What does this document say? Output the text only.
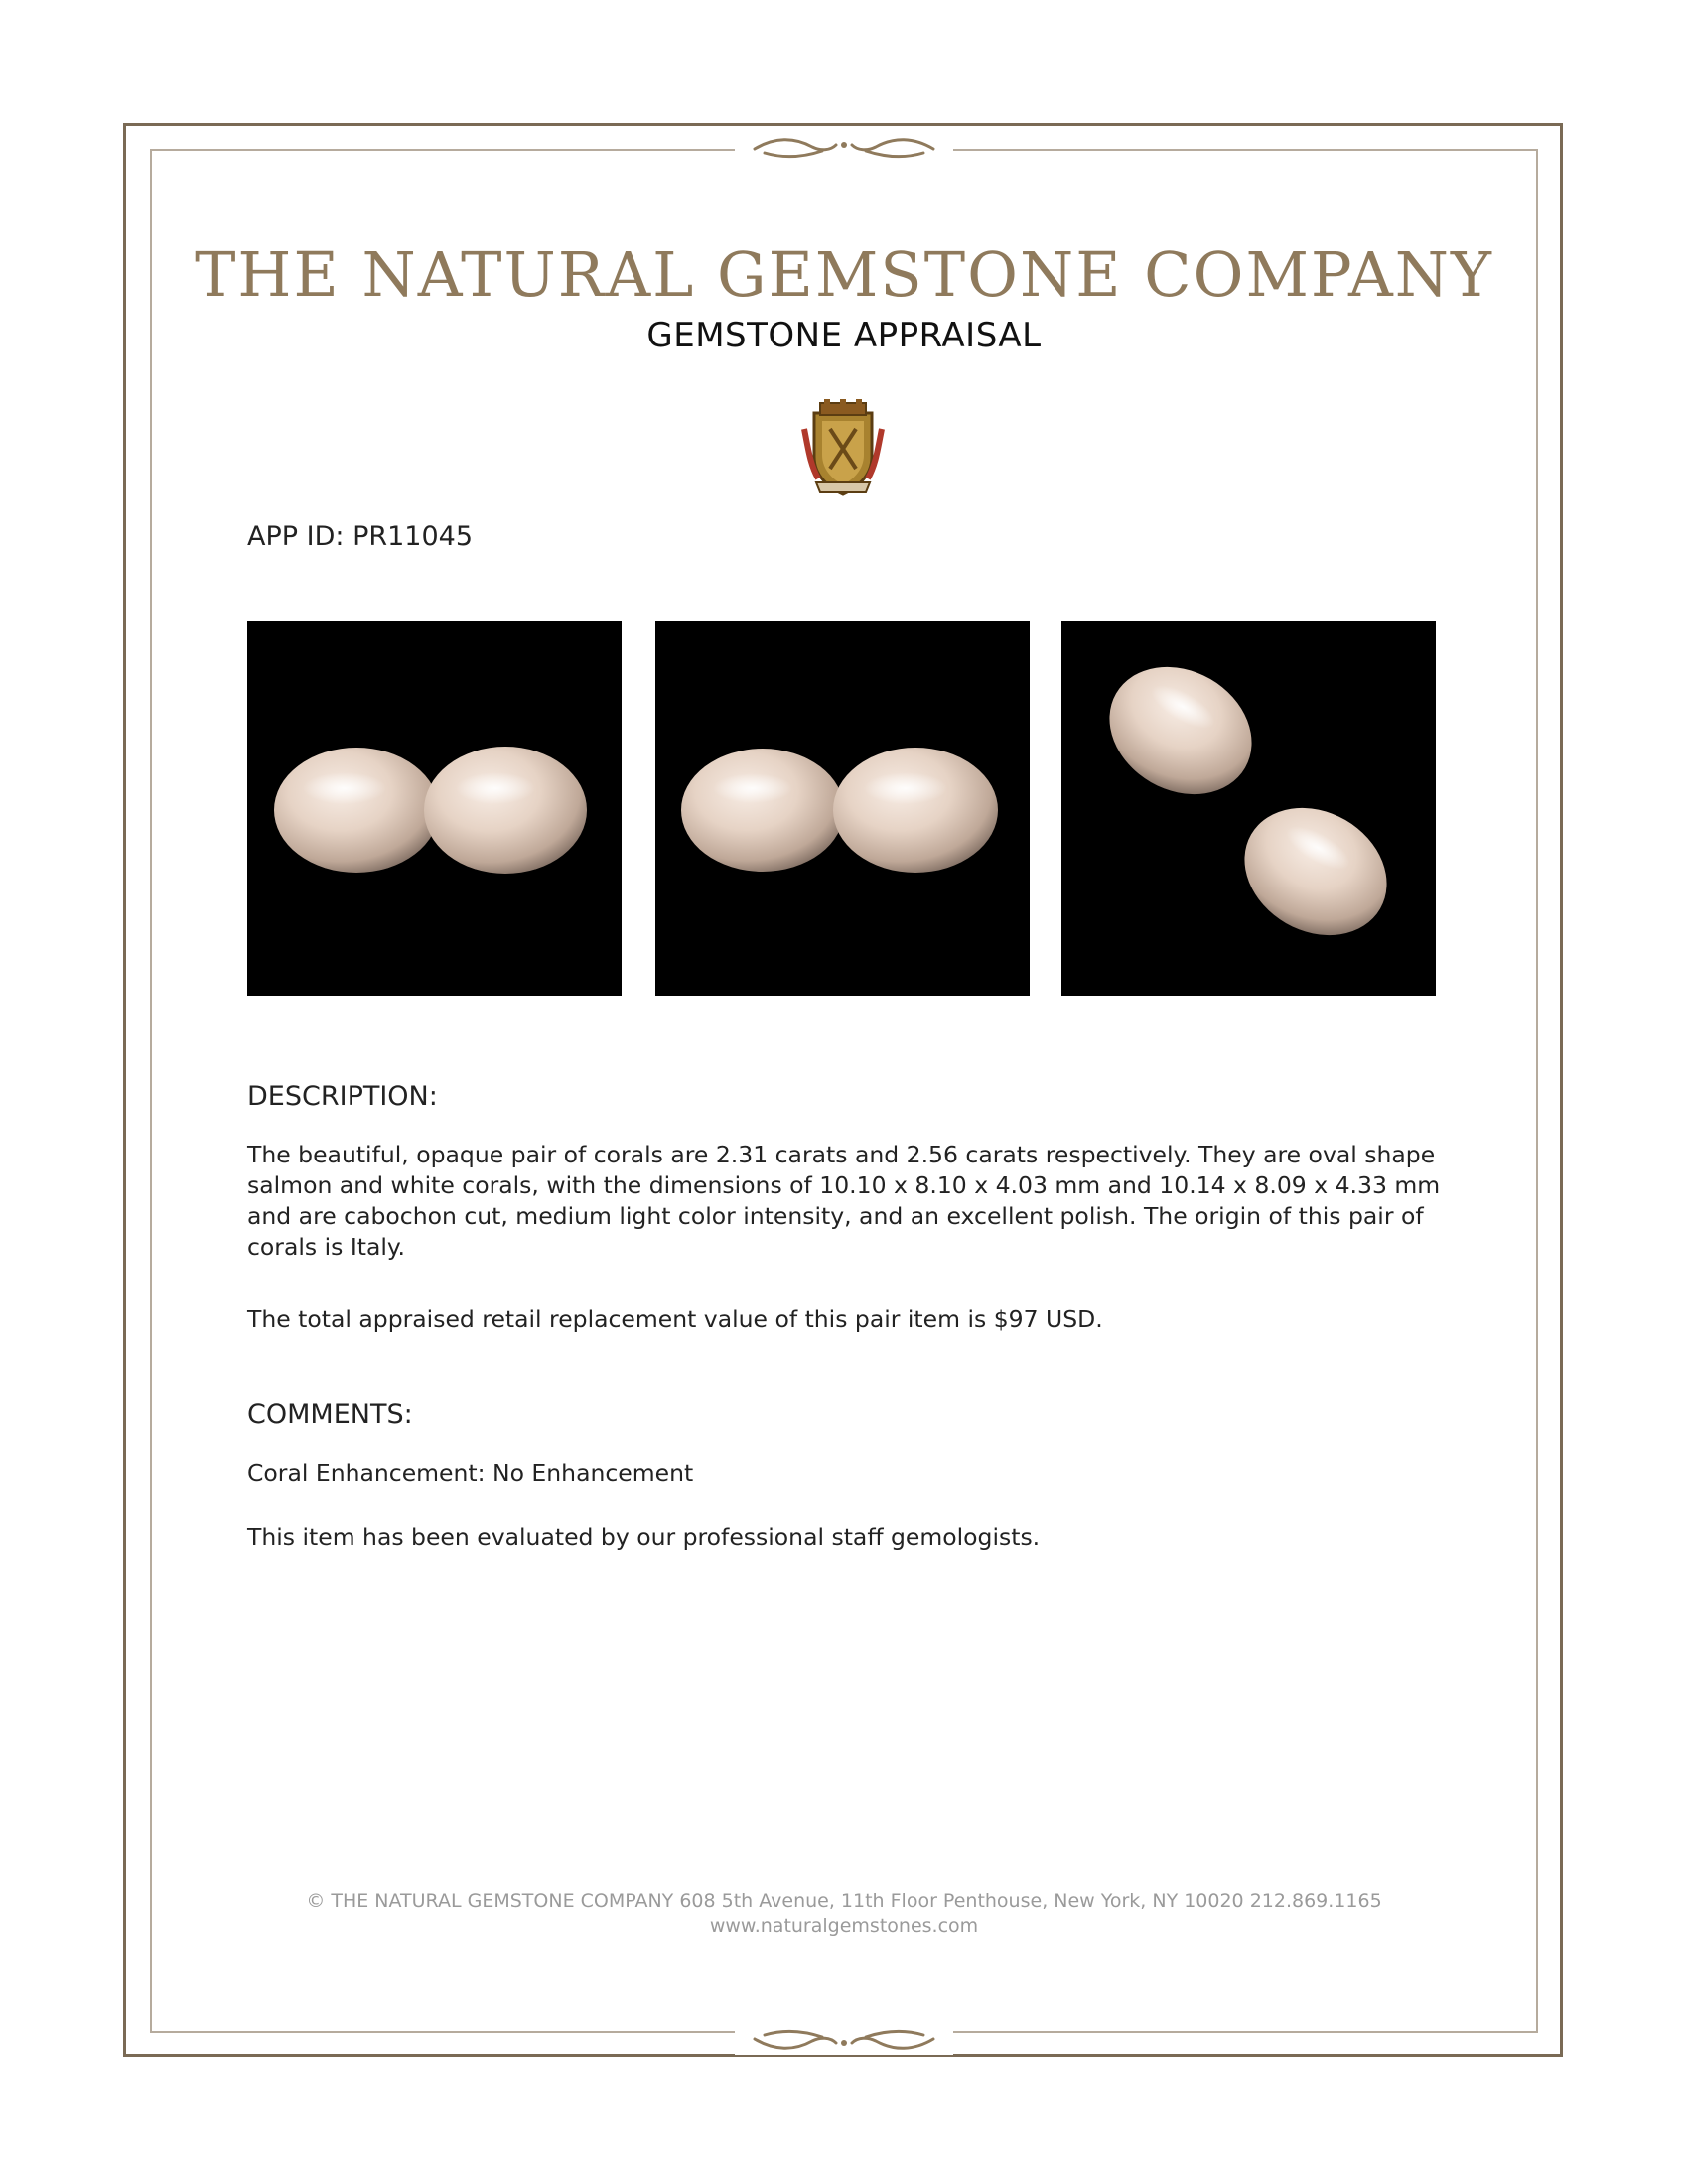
THE NATURAL GEMSTONE COMPANY
GEMSTONE APPRAISAL
APP ID: PR11045
DESCRIPTION:

The beautiful, opaque pair of corals are 2.31 carats and 2.56 carats respectively. They are oval shape salmon and white corals, with the dimensions of 10.10 x 8.10 x 4.03 mm and 10.14 x 8.09 x 4.33 mm and are cabochon cut, medium light color intensity, and an excellent polish. The origin of this pair of corals is Italy.

The total appraised retail replacement value of this pair item is $97 USD.

COMMENTS:

Coral Enhancement: No Enhancement

This item has been evaluated by our professional staff gemologists.

© THE NATURAL GEMSTONE COMPANY 608 5th Avenue, 11th Floor Penthouse, New York, NY 10020 212.869.1165
www.naturalgemstones.com
